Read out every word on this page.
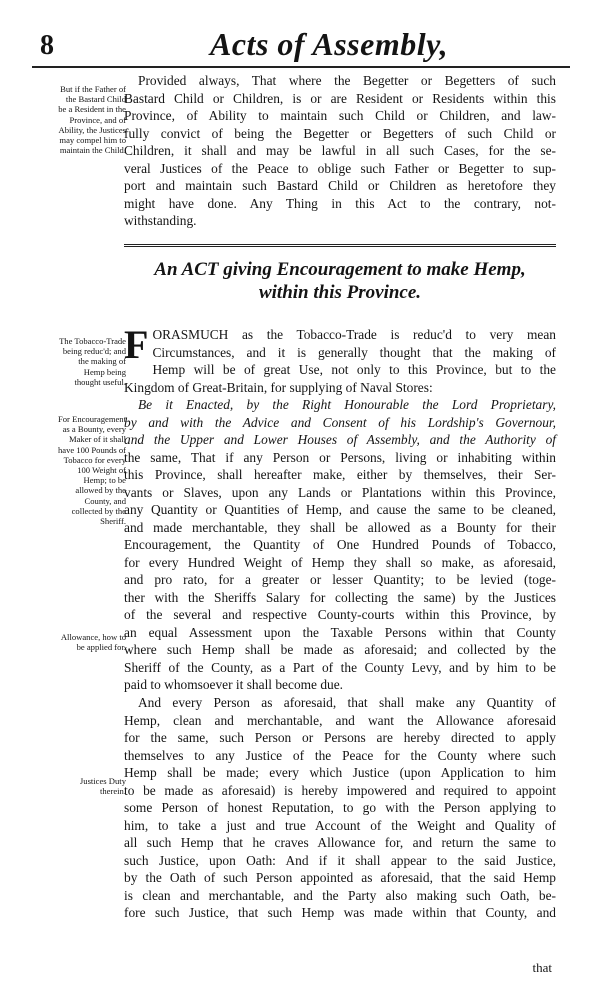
8	Acts of Assembly,
But if the Father of the Bastard Child be a Resident in the Province, and of Ability, the Justices may compel him to maintain the Child.
Provided always, That where the Begetter or Begetters of such
Bastard Child or Children, is or are Resident or Residents within this
Province, of Ability to maintain such Child or Children, and law-
fully convict of being the Begetter or Begetters of such Child or
Children, it shall and may be lawful in all such Cases, for the se-
veral Justices of the Peace to oblige such Father or Begetter to sup-
port and maintain such Bastard Child or Children as heretofore they
might have done. Any Thing in this Act to the contrary, not-
withstanding.
An ACT giving Encouragement to make Hemp,
within this Province.
The Tobacco-Trade being reduc'd; and the making of Hemp being thought useful.
For Encouragement as a Bounty, every Maker of it shall have 100 Pounds of Tobacco for every 100 Weight of Hemp; to be allowed by the County, and collected by the Sheriff.
Allowance, how to be applied for.
Justices Duty therein.
F ORASMUCH as the Tobacco-Trade is reduc'd to very mean
Circumstances, and it is generally thought that the making of
Hemp will be of great Use, not only to this Province, but to the
Kingdom of Great-Britain, for supplying of Naval Stores:
Be it Enacted, by the Right Honourable the Lord Proprietary,
by and with the Advice and Consent of his Lordship's Governour,
and the Upper and Lower Houses of Assembly, and the Authority of
the same, That if any Person or Persons, living or inhabiting within
this Province, shall hereafter make, either by themselves, their Ser-
vants or Slaves, upon any Lands or Plantations within this Province,
any Quantity or Quantities of Hemp, and cause the same to be cleaned,
and made merchantable, they shall be allowed as a Bounty for their
Encouragement, the Quantity of One Hundred Pounds of Tobacco,
for every Hundred Weight of Hemp they shall so make, as aforesaid,
and pro rato, for a greater or lesser Quantity; to be levied (toge-
ther with the Sheriffs Salary for collecting the same) by the Justices
of the several and respective County-courts within this Province, by
an equal Assessment upon the Taxable Persons within that County
where such Hemp shall be made as aforesaid; and collected by the
Sheriff of the County, as a Part of the County Levy, and by him to be
paid to whomsoever it shall become due.
And every Person as aforesaid, that shall make any Quantity of
Hemp, clean and merchantable, and want the Allowance aforesaid
for the same, such Person or Persons are hereby directed to apply
themselves to any Justice of the Peace for the County where such
Hemp shall be made; every which Justice (upon Application to him
to be made as aforesaid) is hereby impowered and required to appoint
some Person of honest Reputation, to go with the Person applying to
him, to take a just and true Account of the Weight and Quality of
all such Hemp that he craves Allowance for, and return the same to
such Justice, upon Oath: And if it shall appear to the said Justice,
by the Oath of such Person appointed as aforesaid, that the said Hemp
is clean and merchantable, and the Party also making such Oath, be-
fore such Justice, that such Hemp was made within that County, and
that
